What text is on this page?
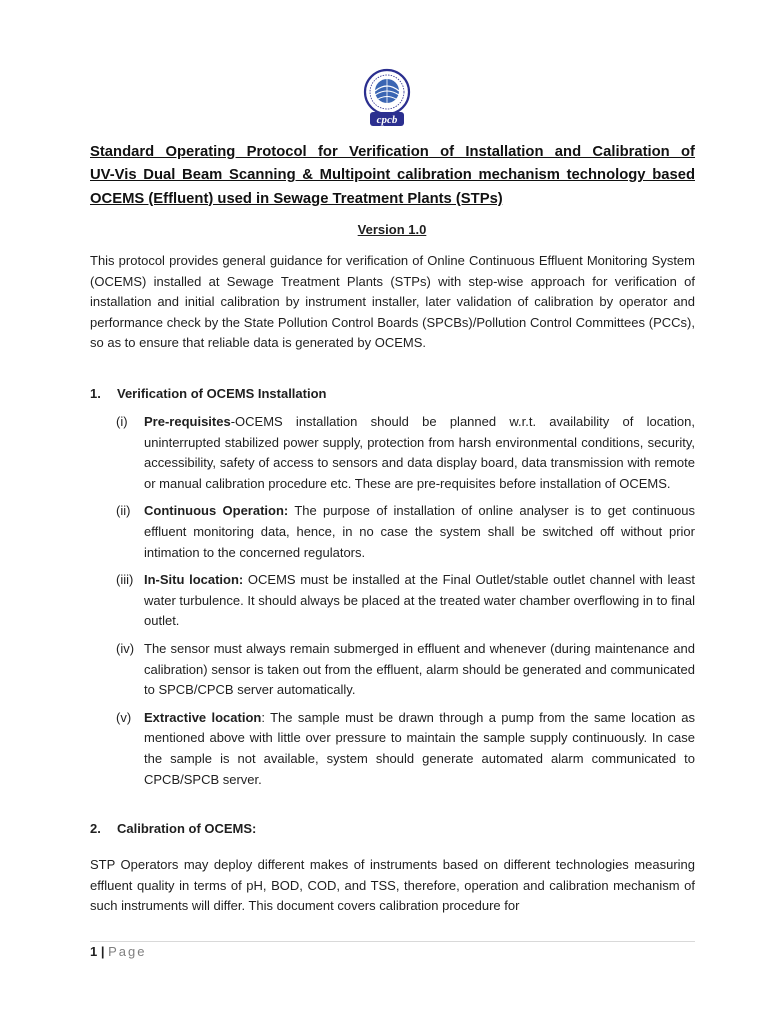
cpcb
Standard Operating Protocol for Verification of Installation and Calibration of
UV-Vis Dual Beam Scanning & Multipoint calibration mechanism technology based
OCEMS (Effluent) used in Sewage Treatment Plants (STPs)
Version 1.0
This protocol provides general guidance for verification of Online Continuous Effluent Monitoring System (OCEMS) installed at Sewage Treatment Plants (STPs) with step-wise approach for verification of installation and initial calibration by instrument installer, later validation of calibration by operator and performance check by the State Pollution Control Boards (SPCBs)/Pollution Control Committees (PCCs), so as to ensure that reliable data is generated by OCEMS.
1. Verification of OCEMS Installation
(i) Pre-requisites-OCEMS installation should be planned w.r.t. availability of location, uninterrupted stabilized power supply, protection from harsh environmental conditions, security, accessibility, safety of access to sensors and data display board, data transmission with remote or manual calibration procedure etc. These are pre-requisites before installation of OCEMS.
(ii) Continuous Operation: The purpose of installation of online analyser is to get continuous effluent monitoring data, hence, in no case the system shall be switched off without prior intimation to the concerned regulators.
(iii) In-Situ location: OCEMS must be installed at the Final Outlet/stable outlet channel with least water turbulence. It should always be placed at the treated water chamber overflowing in to final outlet.
(iv) The sensor must always remain submerged in effluent and whenever (during maintenance and calibration) sensor is taken out from the effluent, alarm should be generated and communicated to SPCB/CPCB server automatically.
(v) Extractive location: The sample must be drawn through a pump from the same location as mentioned above with little over pressure to maintain the sample supply continuously. In case the sample is not available, system should generate automated alarm communicated to CPCB/SPCB server.
2. Calibration of OCEMS:
STP Operators may deploy different makes of instruments based on different technologies measuring effluent quality in terms of pH, BOD, COD, and TSS, therefore, operation and calibration mechanism of such instruments will differ. This document covers calibration procedure for
1 | Page
